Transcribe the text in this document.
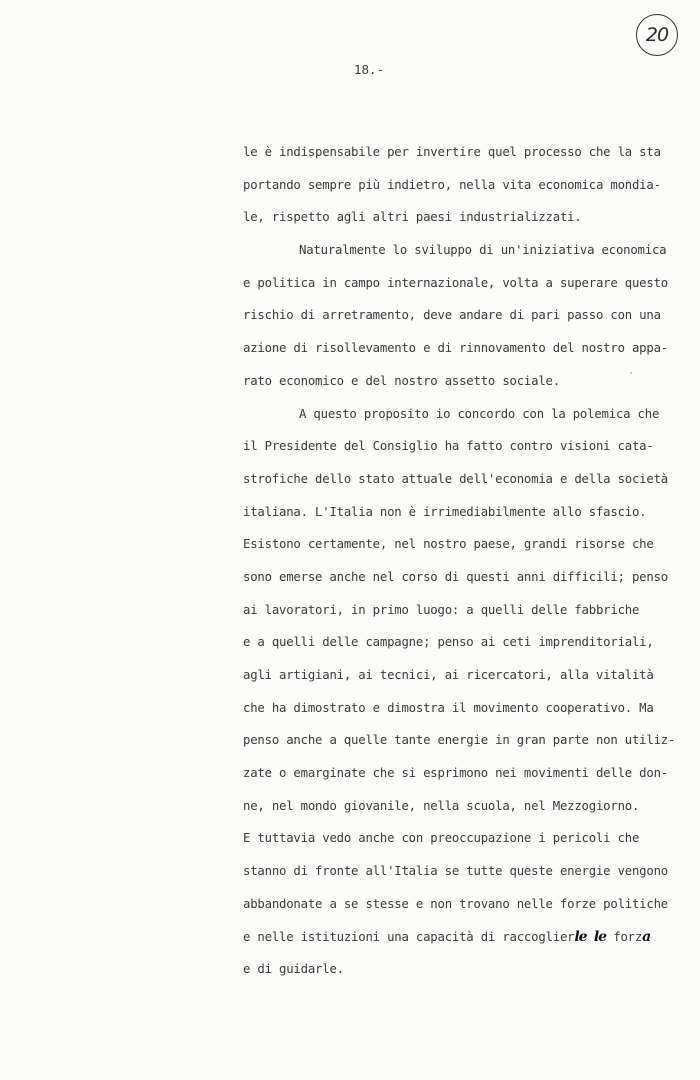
20
18.-
le è indispensabile per invertire quel processo che la sta
portando sempre più indietro, nella vita economica mondia-
le, rispetto agli altri paesi industrializzati.
Naturalmente lo sviluppo di un'iniziativa economica
e politica in campo internazionale, volta a superare questo
rischio di arretramento, deve andare di pari passo con una
azione di risollevamento e di rinnovamento del nostro appa-
rato economico e del nostro assetto sociale.
A questo proposito io concordo con la polemica che
il Presidente del Consiglio ha fatto contro visioni cata-
strofiche dello stato attuale dell'economia e della società
italiana. L'Italia non è irrimediabilmente allo sfascio.
Esistono certamente, nel nostro paese, grandi risorse che
sono emerse anche nel corso di questi anni difficili; penso
ai lavoratori, in primo luogo: a quelli delle fabbriche
e a quelli delle campagne; penso ai ceti imprenditoriali,
agli artigiani, ai tecnici, ai ricercatori, alla vitalità
che ha dimostrato e dimostra il movimento cooperativo. Ma
penso anche a quelle tante energie in gran parte non utiliz-
zate o emarginate che si esprimono nei movimenti delle don-
ne, nel mondo giovanile, nella scuola, nel Mezzogiorno.
E tuttavia vedo anche con preoccupazione i pericoli che
stanno di fronte all'Italia se tutte queste energie vengono
abbandonate a se stesse e non trovano nelle forze politiche
e nelle istituzioni una capacità di raccoglierle le forza
e di guidarle.
